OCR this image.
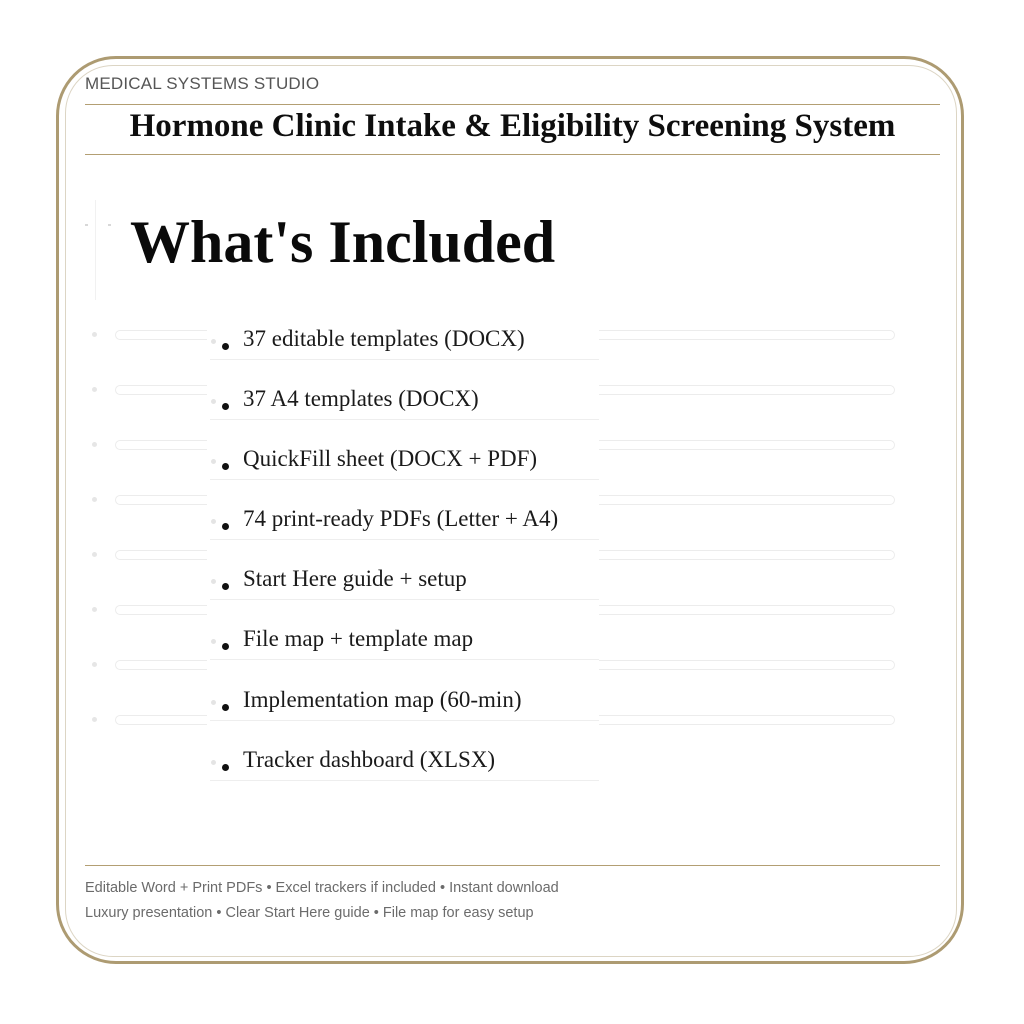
MEDICAL SYSTEMS STUDIO
Hormone Clinic Intake & Eligibility Screening System
What's Included
37 editable templates (DOCX)
37 A4 templates (DOCX)
QuickFill sheet (DOCX + PDF)
74 print-ready PDFs (Letter + A4)
Start Here guide + setup
File map + template map
Implementation map (60-min)
Tracker dashboard (XLSX)
Editable Word + Print PDFs • Excel trackers if included • Instant download
Luxury presentation • Clear Start Here guide • File map for easy setup
